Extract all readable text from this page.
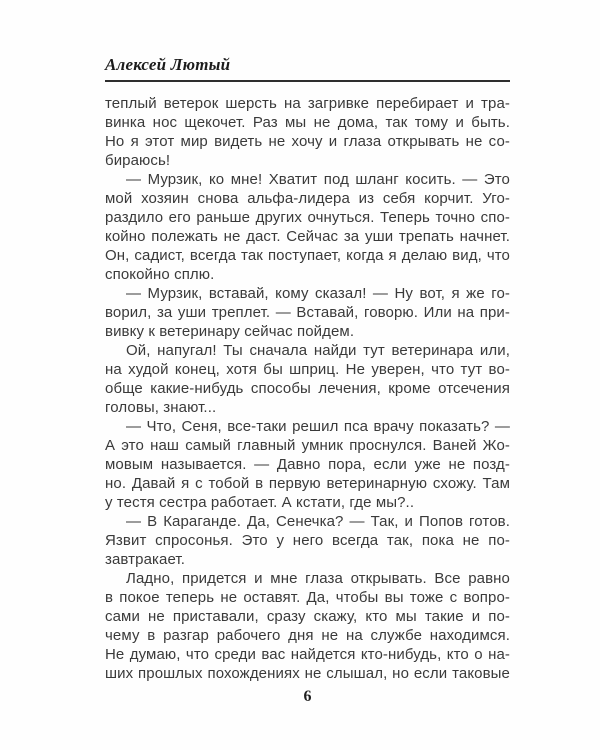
Алексей Лютый
теплый ветерок шерсть на загривке перебирает и тра-
винка нос щекочет. Раз мы не дома, так тому и быть.
Но я этот мир видеть не хочу и глаза открывать не со-
бираюсь!
— Мурзик, ко мне! Хватит под шланг косить. — Это
мой хозяин снова альфа-лидера из себя корчит. Уго-
раздило его раньше других очнуться. Теперь точно спо-
койно полежать не даст. Сейчас за уши трепать начнет.
Он, садист, всегда так поступает, когда я делаю вид, что
спокойно сплю.
— Мурзик, вставай, кому сказал! — Ну вот, я же го-
ворил, за уши треплет. — Вставай, говорю. Или на при-
вивку к ветеринару сейчас пойдем.
Ой, напугал! Ты сначала найди тут ветеринара или,
на худой конец, хотя бы шприц. Не уверен, что тут во-
обще какие-нибудь способы лечения, кроме отсечения
головы, знают...
— Что, Сеня, все-таки решил пса врачу показать? —
А это наш самый главный умник проснулся. Ваней Жо-
мовым называется. — Давно пора, если уже не позд-
но. Давай я с тобой в первую ветеринарную схожу. Там
у тестя сестра работает. А кстати, где мы?..
— В Караганде. Да, Сенечка? — Так, и Попов готов.
Язвит спросонья. Это у него всегда так, пока не по-
завтракает.
Ладно, придется и мне глаза открывать. Все равно
в покое теперь не оставят. Да, чтобы вы тоже с вопро-
сами не приставали, сразу скажу, кто мы такие и по-
чему в разгар рабочего дня не на службе находимся.
Не думаю, что среди вас найдется кто-нибудь, кто о на-
ших прошлых похождениях не слышал, но если таковые
6
